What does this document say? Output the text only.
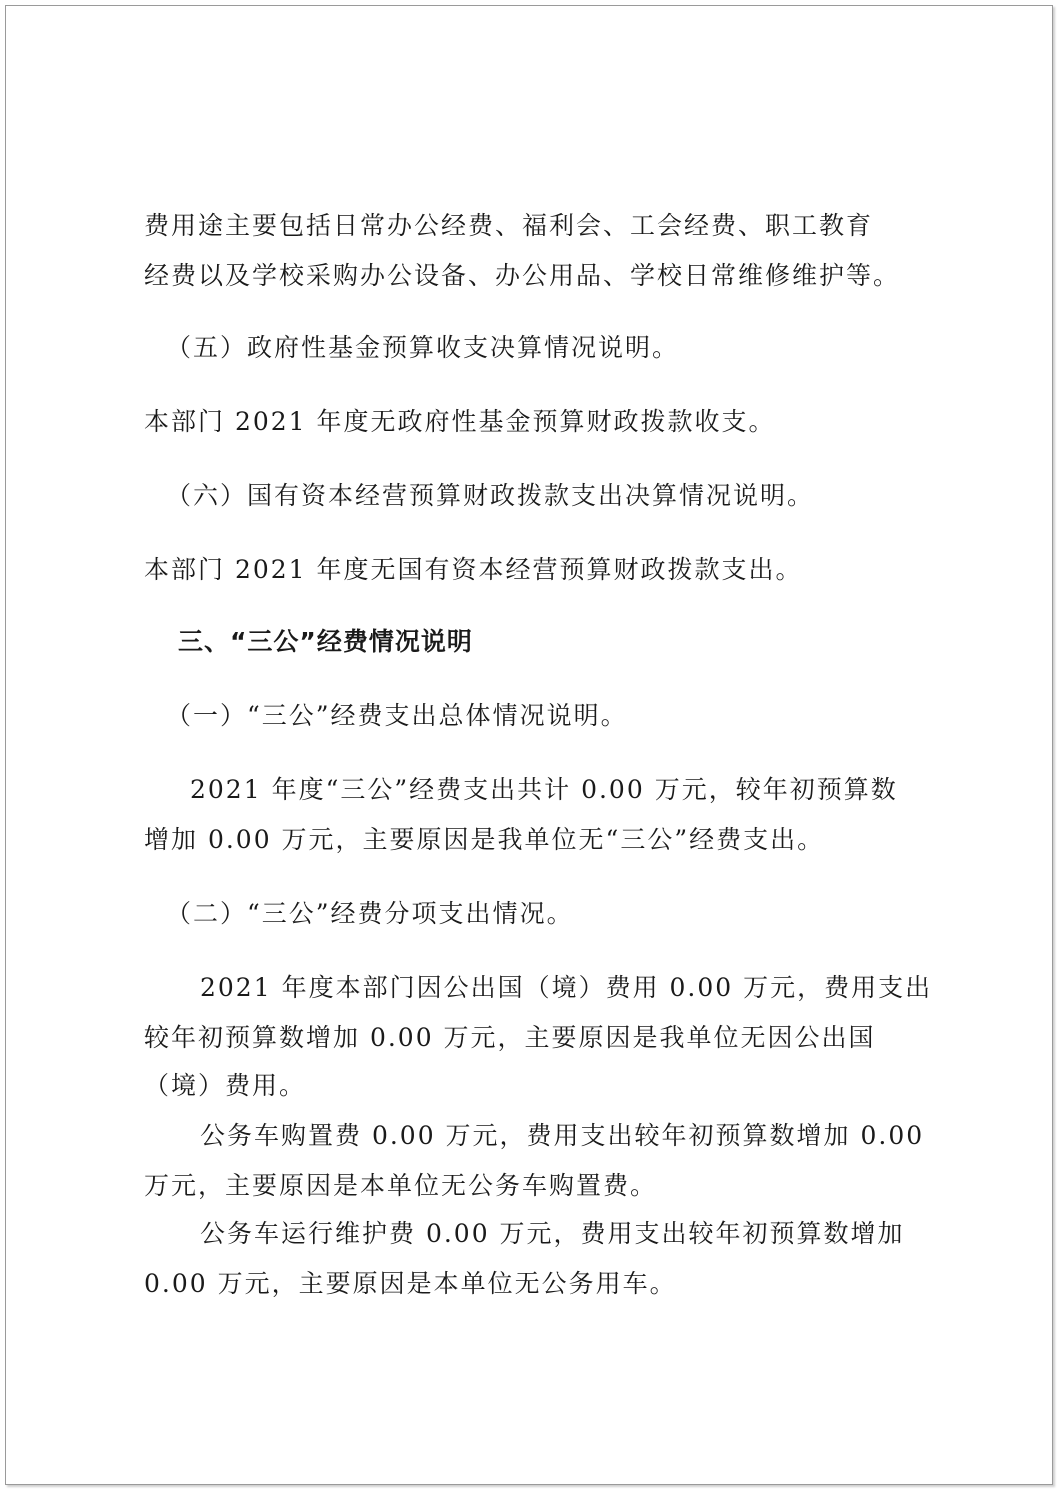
费用途主要包括日常办公经费、福利会、工会经费、职工教育
经费以及学校采购办公设备、办公用品、学校日常维修维护等。
（五）政府性基金预算收支决算情况说明。
本部门 2021 年度无政府性基金预算财政拨款收支。
（六）国有资本经营预算财政拨款支出决算情况说明。
本部门 2021 年度无国有资本经营预算财政拨款支出。
三、“三公”经费情况说明
（一）“三公”经费支出总体情况说明。
2021 年度“三公”经费支出共计 0.00 万元，较年初预算数
增加 0.00 万元，主要原因是我单位无“三公”经费支出。
（二）“三公”经费分项支出情况。
2021 年度本部门因公出国（境）费用 0.00 万元，费用支出
较年初预算数增加 0.00 万元，主要原因是我单位无因公出国
（境）费用。
公务车购置费 0.00 万元，费用支出较年初预算数增加 0.00
万元，主要原因是本单位无公务车购置费。
公务车运行维护费 0.00 万元，费用支出较年初预算数增加
0.00 万元，主要原因是本单位无公务用车。
